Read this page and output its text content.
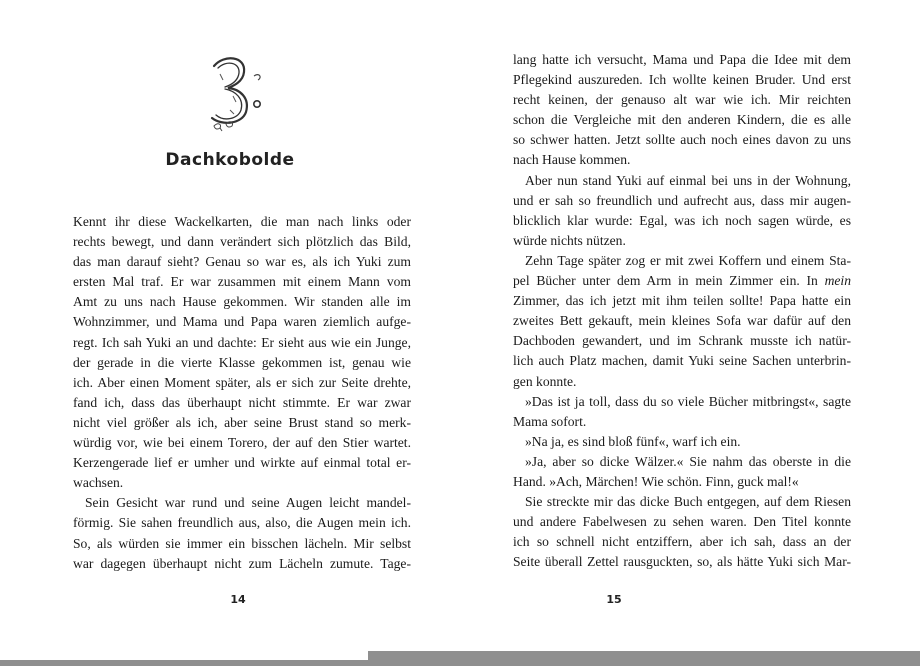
Dachkobolde
Kennt ihr diese Wackelkarten, die man nach links oder
rechts bewegt, und dann verändert sich plötzlich das Bild,
das man darauf sieht? Genau so war es, als ich Yuki zum
ersten Mal traf. Er war zusammen mit einem Mann vom
Amt zu uns nach Hause gekommen. Wir standen alle im
Wohnzimmer, und Mama und Papa waren ziemlich aufge-
regt. Ich sah Yuki an und dachte: Er sieht aus wie ein Junge,
der gerade in die vierte Klasse gekommen ist, genau wie
ich. Aber einen Moment später, als er sich zur Seite drehte,
fand ich, dass das überhaupt nicht stimmte. Er war zwar
nicht viel größer als ich, aber seine Brust stand so merk-
würdig vor, wie bei einem Torero, der auf den Stier wartet.
Kerzengerade lief er umher und wirkte auf einmal total er-
wachsen.
Sein Gesicht war rund und seine Augen leicht mandel-
förmig. Sie sahen freundlich aus, also, die Augen mein ich.
So, als würden sie immer ein bisschen lächeln. Mir selbst
war dagegen überhaupt nicht zum Lächeln zumute. Tage-
14
lang hatte ich versucht, Mama und Papa die Idee mit dem
Pflegekind auszureden. Ich wollte keinen Bruder. Und erst
recht keinen, der genauso alt war wie ich. Mir reichten
schon die Vergleiche mit den anderen Kindern, die es alle
so schwer hatten. Jetzt sollte auch noch eines davon zu uns
nach Hause kommen.
Aber nun stand Yuki auf einmal bei uns in der Wohnung,
und er sah so freundlich und aufrecht aus, dass mir augen-
blicklich klar wurde: Egal, was ich noch sagen würde, es
würde nichts nützen.
Zehn Tage später zog er mit zwei Koffern und einem Sta-
pel Bücher unter dem Arm in mein Zimmer ein. In mein
Zimmer, das ich jetzt mit ihm teilen sollte! Papa hatte ein
zweites Bett gekauft, mein kleines Sofa war dafür auf den
Dachboden gewandert, und im Schrank musste ich natür-
lich auch Platz machen, damit Yuki seine Sachen unterbrin-
gen konnte.
»Das ist ja toll, dass du so viele Bücher mitbringst«, sagte
Mama sofort.
»Na ja, es sind bloß fünf«, warf ich ein.
»Ja, aber so dicke Wälzer.« Sie nahm das oberste in die
Hand. »Ach, Märchen! Wie schön. Finn, guck mal!«
Sie streckte mir das dicke Buch entgegen, auf dem Riesen
und andere Fabelwesen zu sehen waren. Den Titel konnte
ich so schnell nicht entziffern, aber ich sah, dass an der
Seite überall Zettel rausguckten, so, als hätte Yuki sich Mar-
15
